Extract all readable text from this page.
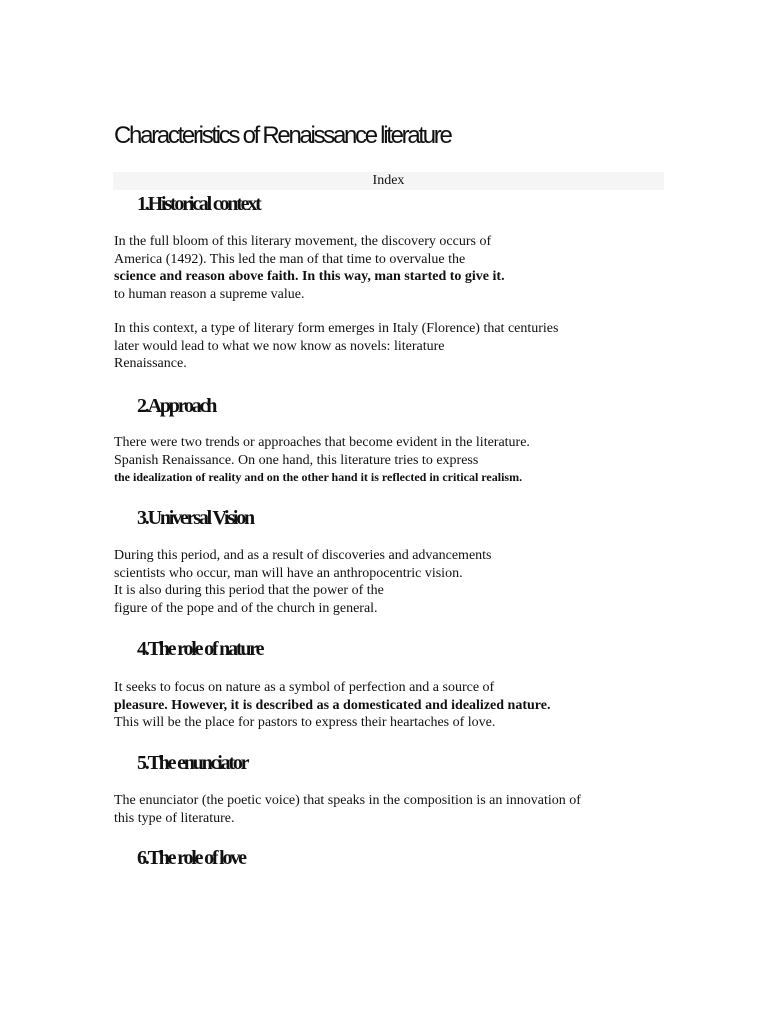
Characteristics of Renaissance literature
Index
1.Historical context
In the full bloom of this literary movement, the discovery occurs of
America (1492). This led the man of that time to overvalue the
science and reason above faith. In this way, man started to give it.
to human reason a supreme value.
In this context, a type of literary form emerges in Italy (Florence) that centuries
later would lead to what we now know as novels: literature
Renaissance.
2.Approach
There were two trends or approaches that become evident in the literature.
Spanish Renaissance. On one hand, this literature tries to express
the idealization of reality and on the other hand it is reflected in critical realism.
3.Universal Vision
During this period, and as a result of discoveries and advancements
scientists who occur, man will have an anthropocentric vision.
It is also during this period that the power of the
figure of the pope and of the church in general.
4.The role of nature
It seeks to focus on nature as a symbol of perfection and a source of
pleasure. However, it is described as a domesticated and idealized nature.
This will be the place for pastors to express their heartaches of love.
5.The enunciator
The enunciator (the poetic voice) that speaks in the composition is an innovation of
this type of literature.
6.The role of love
